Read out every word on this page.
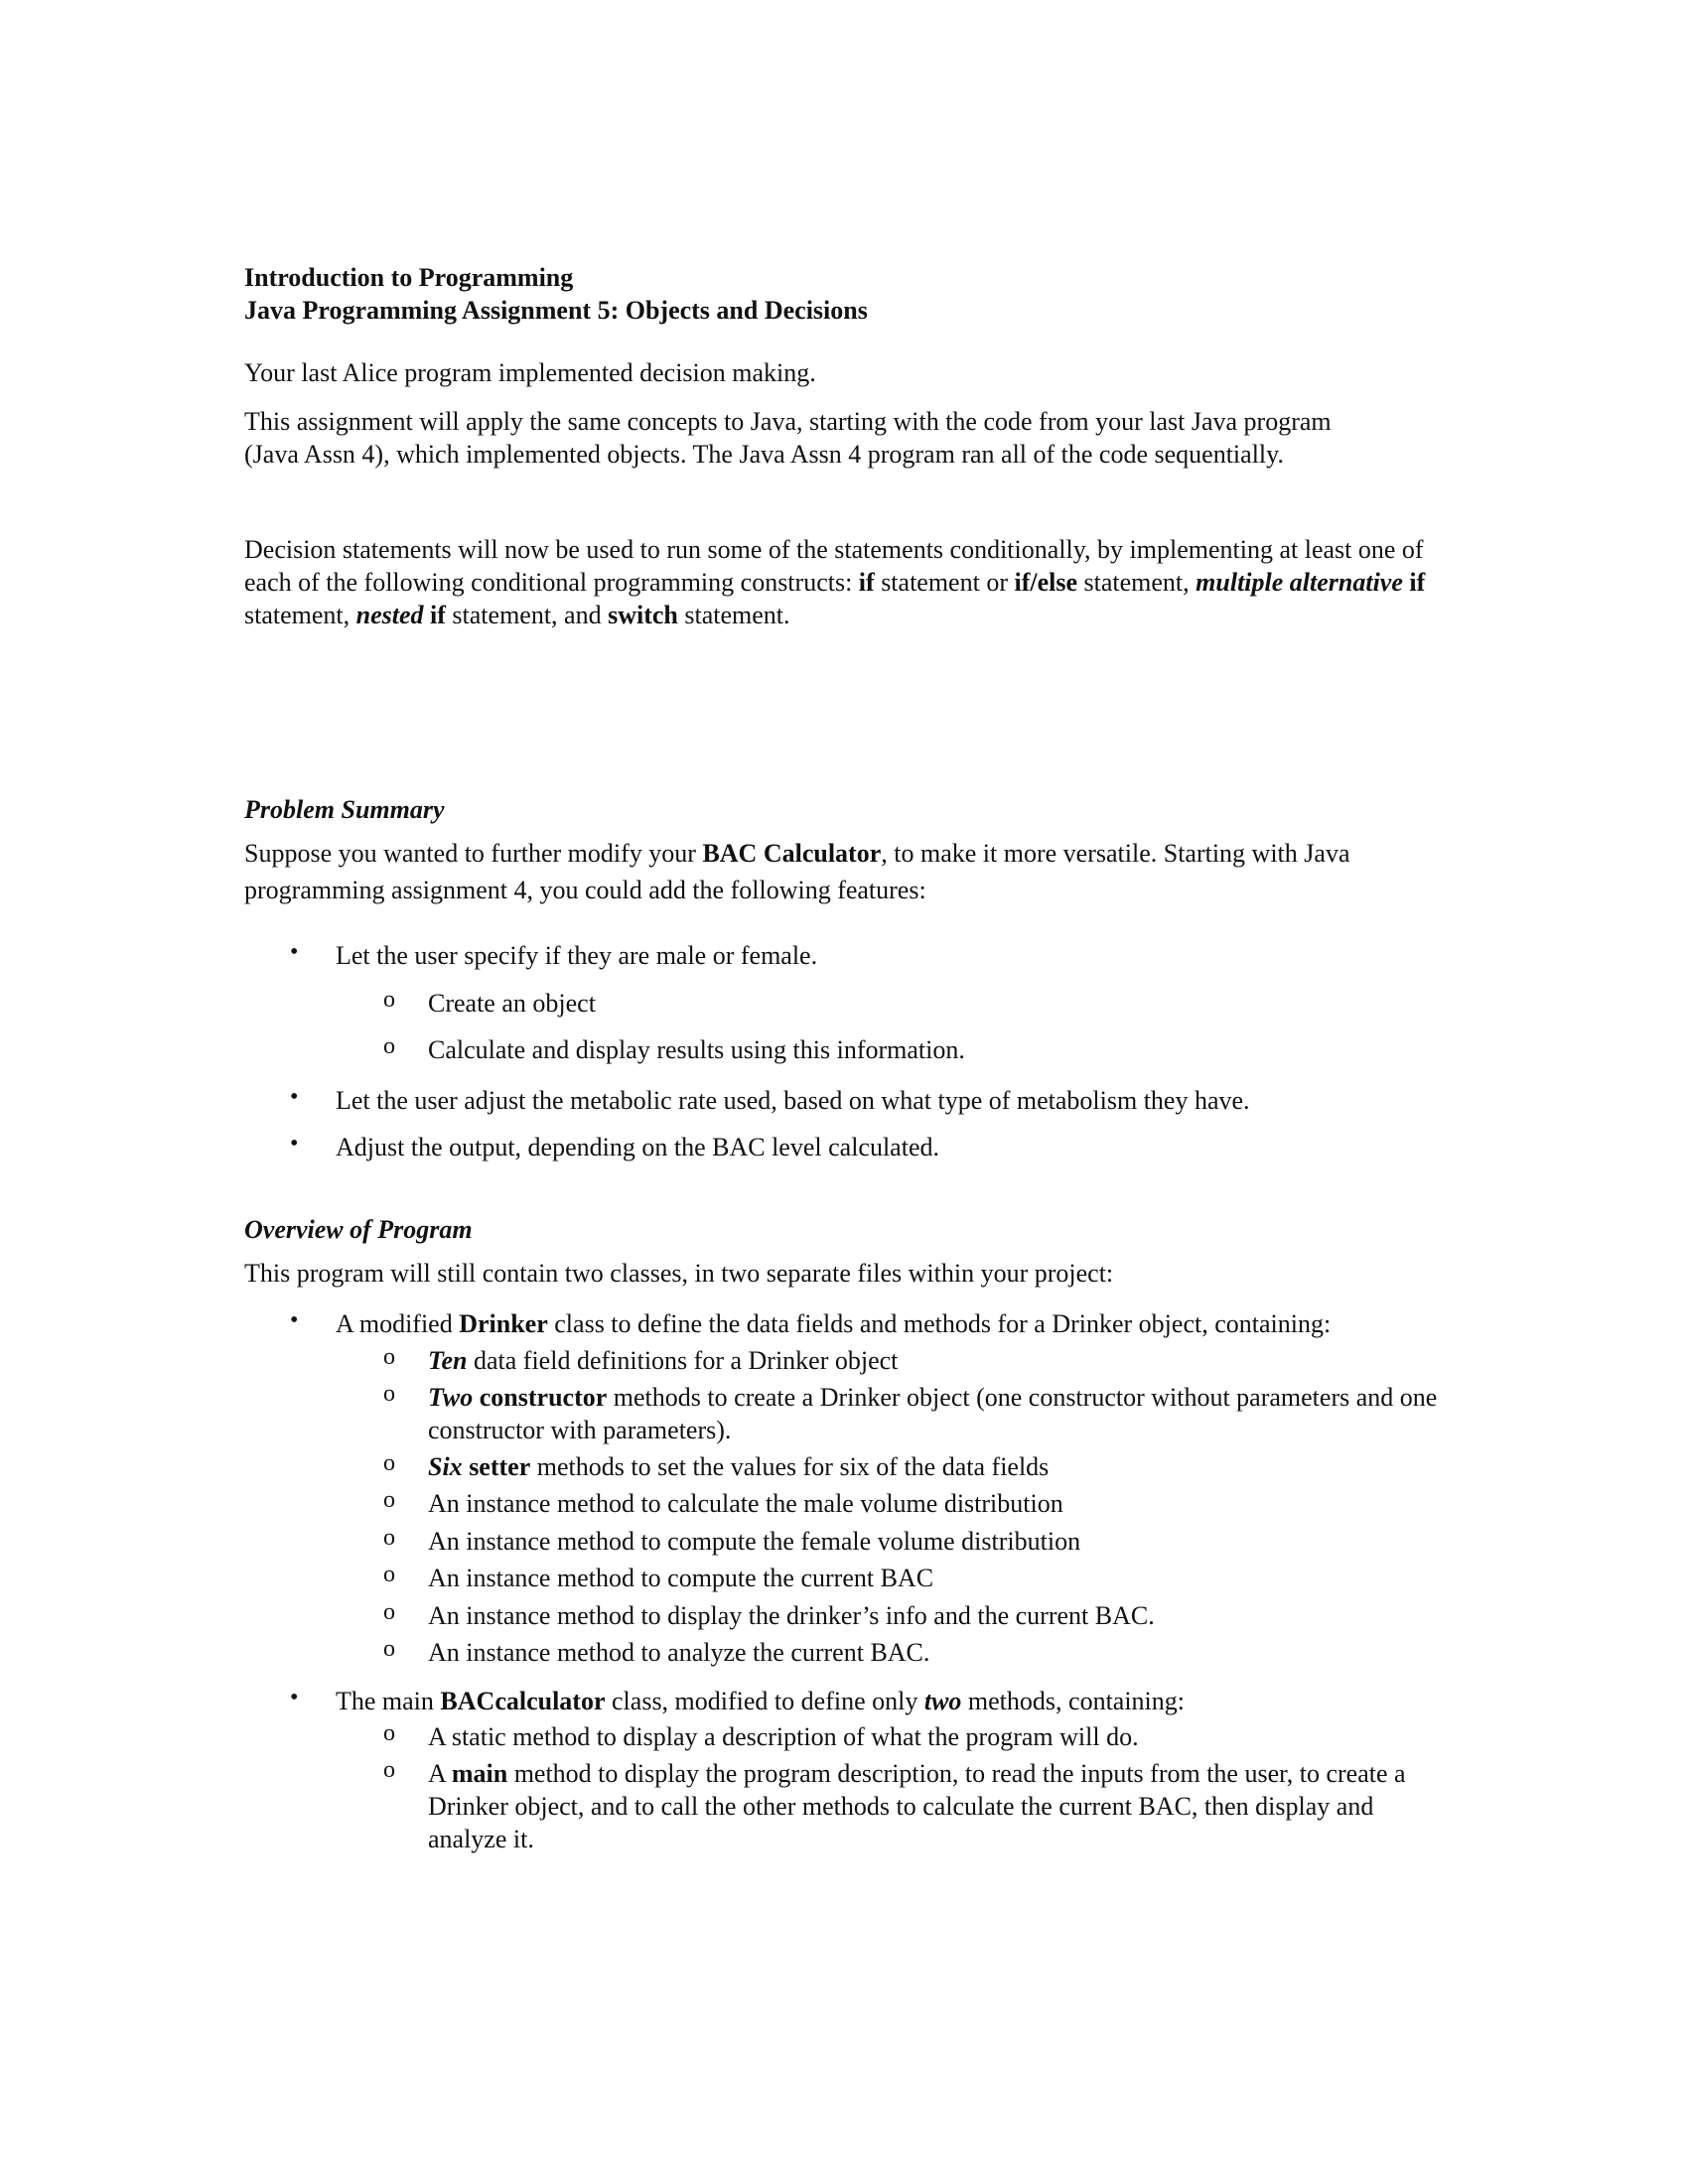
Introduction to Programming
Java Programming Assignment 5: Objects and Decisions
Your last Alice program implemented decision making.
This assignment will apply the same concepts to Java, starting with the code from your last Java program (Java Assn 4), which implemented objects. The Java Assn 4 program ran all of the code sequentially.
Decision statements will now be used to run some of the statements conditionally, by implementing at least one of each of the following conditional programming constructs: if statement or if/else statement, multiple alternative if statement, nested if statement, and switch statement.
Problem Summary
Suppose you wanted to further modify your BAC Calculator, to make it more versatile. Starting with Java programming assignment 4, you could add the following features:
• Let the user specify if they are male or female.
o Create an object
o Calculate and display results using this information.
• Let the user adjust the metabolic rate used, based on what type of metabolism they have.
• Adjust the output, depending on the BAC level calculated.
Overview of Program
This program will still contain two classes, in two separate files within your project:
• A modified Drinker class to define the data fields and methods for a Drinker object, containing:
o Ten data field definitions for a Drinker object
o Two constructor methods to create a Drinker object (one constructor without parameters and one constructor with parameters).
o Six setter methods to set the values for six of the data fields
o An instance method to calculate the male volume distribution
o An instance method to compute the female volume distribution
o An instance method to compute the current BAC
o An instance method to display the drinker’s info and the current BAC.
o An instance method to analyze the current BAC.
• The main BACcalculator class, modified to define only two methods, containing:
o A static method to display a description of what the program will do.
o A main method to display the program description, to read the inputs from the user, to create a Drinker object, and to call the other methods to calculate the current BAC, then display and analyze it.
